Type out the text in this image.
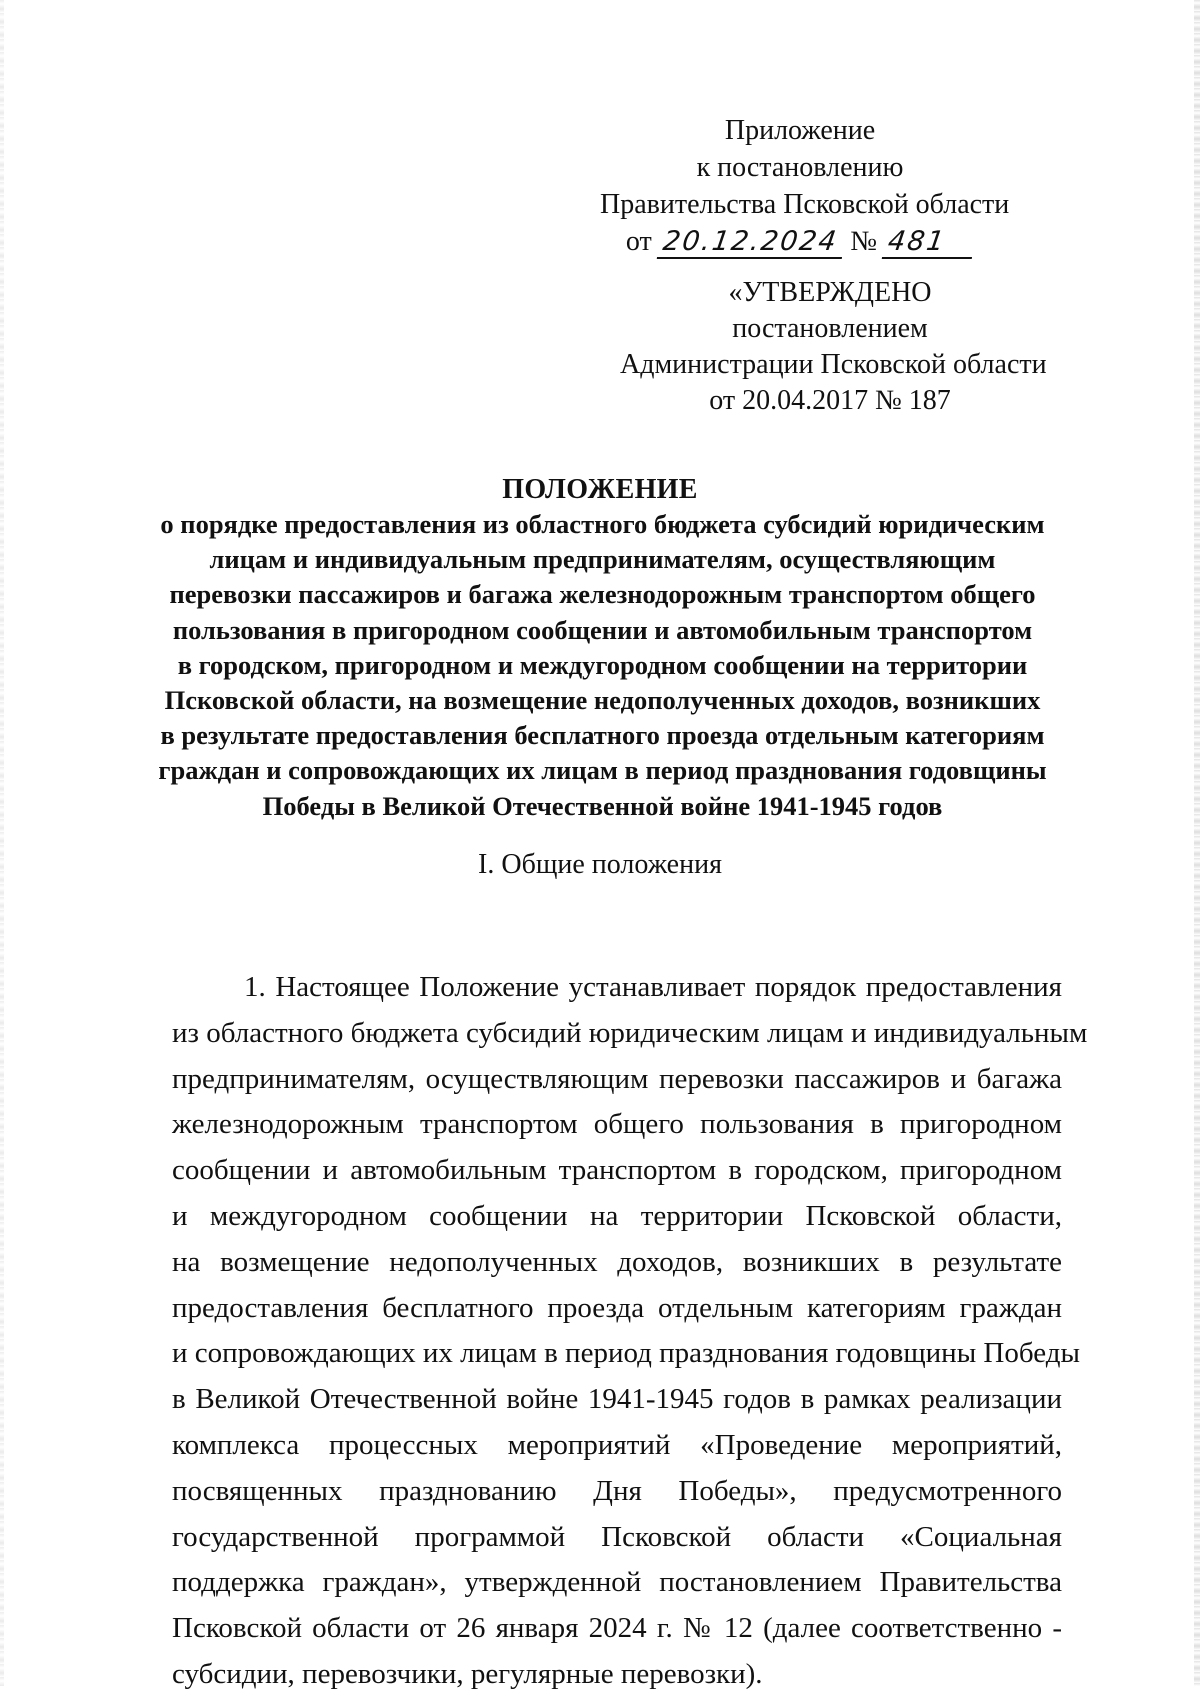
Приложение
к постановлению
Правительства Псковской области
от 20.12.2024 № 481
«УТВЕРЖДЕНО
постановлением
Администрации Псковской области
от 20.04.2017 № 187
ПОЛОЖЕНИЕ
о порядке предоставления из областного бюджета субсидий юридическим
лицам и индивидуальным предпринимателям, осуществляющим
перевозки пассажиров и багажа железнодорожным транспортом общего
пользования в пригородном сообщении и автомобильным транспортом
в городском, пригородном и междугородном сообщении на территории
Псковской области, на возмещение недополученных доходов, возникших
в результате предоставления бесплатного проезда отдельным категориям
граждан и сопровождающих их лицам в период празднования годовщины
Победы в Великой Отечественной войне 1941-1945 годов
I. Общие положения
1. Настоящее Положение устанавливает порядок предоставления
из областного бюджета субсидий юридическим лицам и индивидуальным
предпринимателям, осуществляющим перевозки пассажиров и багажа
железнодорожным транспортом общего пользования в пригородном
сообщении и автомобильным транспортом в городском, пригородном
и междугородном сообщении на территории Псковской области,
на возмещение недополученных доходов, возникших в результате
предоставления бесплатного проезда отдельным категориям граждан
и сопровождающих их лицам в период празднования годовщины Победы
в Великой Отечественной войне 1941-1945 годов в рамках реализации
комплекса процессных мероприятий «Проведение мероприятий,
посвященных празднованию Дня Победы», предусмотренного
государственной программой Псковской области «Социальная
поддержка граждан», утвержденной постановлением Правительства
Псковской области от 26 января 2024 г. № 12 (далее соответственно -
субсидии, перевозчики, регулярные перевозки).
